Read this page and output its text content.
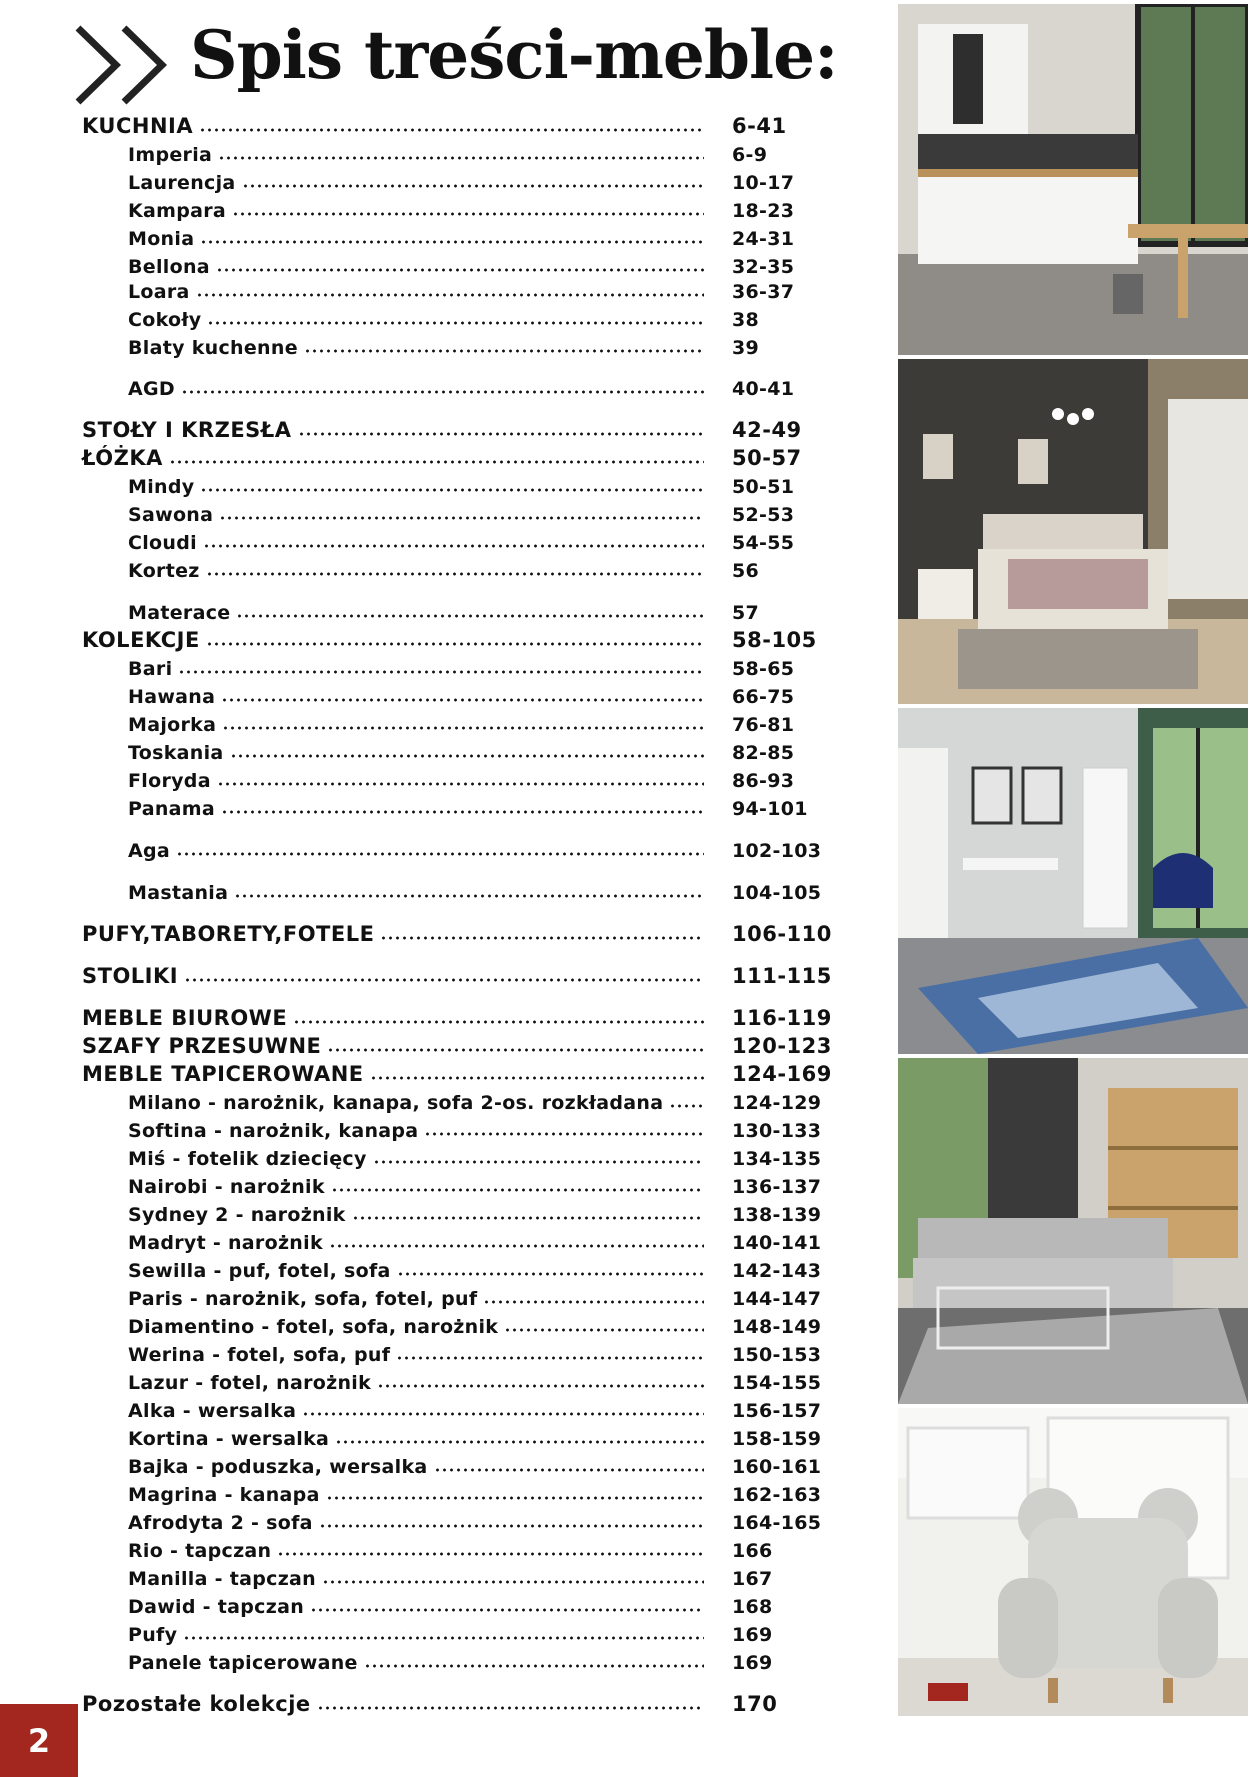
Spis treści-meble:
KUCHNIA	6-41
Imperia	6-9
Laurencja	10-17
Kampara	18-23
Monia	24-31
Bellona	32-35
Loara	36-37
Cokoły	38
Blaty kuchenne	39
AGD	40-41
STOŁY I KRZESŁA	42-49
ŁÓŻKA	50-57
Mindy	50-51
Sawona	52-53
Cloudi	54-55
Kortez	56
Materace	57
KOLEKCJE	58-105
Bari	58-65
Hawana	66-75
Majorka	76-81
Toskania	82-85
Floryda	86-93
Panama	94-101
Aga	102-103
Mastania	104-105
PUFY,TABORETY,FOTELE	106-110
STOLIKI	111-115
MEBLE BIUROWE	116-119
SZAFY PRZESUWNE	120-123
MEBLE TAPICEROWANE	124-169
Milano - narożnik, kanapa, sofa 2-os. rozkładana	124-129
Softina - narożnik, kanapa	130-133
Miś - fotelik dziecięcy	134-135
Nairobi - narożnik	136-137
Sydney 2 - narożnik	138-139
Madryt - narożnik	140-141
Sewilla - puf, fotel, sofa	142-143
Paris - narożnik, sofa, fotel, puf	144-147
Diamentino - fotel, sofa, narożnik	148-149
Werina - fotel, sofa, puf	150-153
Lazur - fotel, narożnik	154-155
Alka - wersalka	156-157
Kortina - wersalka	158-159
Bajka - poduszka, wersalka	160-161
Magrina - kanapa	162-163
Afrodyta 2 - sofa	164-165
Rio - tapczan	166
Manilla - tapczan	167
Dawid - tapczan	168
Pufy	169
Panele tapicerowane	169
Pozostałe kolekcje	170
2
